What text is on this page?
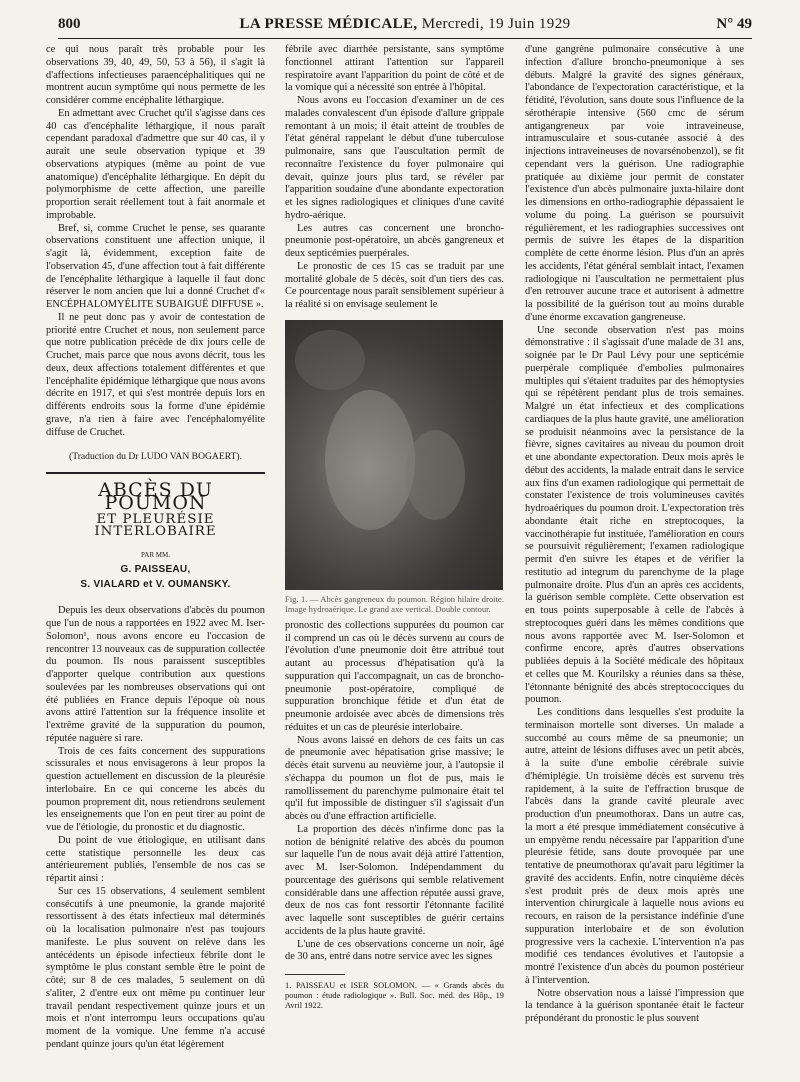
800	LA PRESSE MÉDICALE, Mercredi, 19 Juin 1929	N° 49

ce qui nous paraît très probable pour les observations 39, 40, 49, 50, 53 à 56), il s'agit là d'affections infectieuses paraencéphalitiques qui ne montrent aucun symptôme qui nous permette de les considérer comme encéphalite léthargique.

En admettant avec Cruchet qu'il s'agisse dans ces 40 cas d'encéphalite léthargique, il nous paraît cependant paradoxal d'admettre que sur 40 cas, il y aurait une seule observation typique et 39 observations atypiques (même au point de vue anatomique) d'encéphalite léthargique. En dépit du polymorphisme de cette affection, une pareille proportion serait réellement tout à fait anormale et improbable.

Bref, si, comme Cruchet le pense, ses quarante observations constituent une affection unique, il s'agit là, évidemment, exception faite de l'observation 45, d'une affection tout à fait différente de l'encéphalite léthargique à laquelle il faut donc réserver le nom ancien que lui a donné Cruchet d'« ENCÉPHALOMYÉLITE SUBAIGUË DIFFUSE ».

Il ne peut donc pas y avoir de contestation de priorité entre Cruchet et nous, non seulement parce que notre publication précède de dix jours celle de Cruchet, mais parce que nous avons décrit, tous les deux, deux affections totalement différentes et que l'encéphalite épidémique léthargique que nous avons décrite en 1917, et qui s'est montrée depuis lors en différents endroits sous la forme d'une épidémie grave, n'a rien à faire avec l'encéphalomyélite diffuse de Cruchet.

(Traduction du Dr LUDO VAN BOGAERT).

ABCÈS DU POUMON
ET PLEURÉSIE INTERLOBAIRE
PAR MM.
G. PAISSEAU,
S. VIALARD et V. OUMANSKY.

Depuis les deux observations d'abcès du poumon que l'un de nous a rapportées en 1922 avec M. Iser-Solomon¹, nous avons encore eu l'occasion de rencontrer 13 nouveaux cas de suppuration collectée du poumon. Ils nous paraissent susceptibles d'apporter quelque contribution aux questions soulevées par les nombreuses observations qui ont été publiées en France depuis l'époque où nous avons attiré l'attention sur la fréquence insolite et l'extrême gravité de la suppuration du poumon, réputée naguère si rare.

Trois de ces faits concernent des suppurations scissurales et nous envisagerons à leur propos la question actuellement en discussion de la pleurésie interlobaire. En ce qui concerne les abcès du poumon proprement dit, nous retiendrons seulement les enseignements que l'on en peut tirer au point de vue de l'étiologie, du pronostic et du diagnostic.

Du point de vue étiologique, en utilisant dans cette statistique personnelle les deux cas antérieurement publiés, l'ensemble de nos cas se répartit ainsi :

Sur ces 15 observations, 4 seulement semblent consécutifs à une pneumonie, la grande majorité ressortissent à des états infectieux mal déterminés où la localisation pulmonaire n'est pas toujours manifeste. Le plus souvent on relève dans les antécédents un épisode infectieux fébrile dont le symptôme le plus constant semble être le point de côté; sur 8 de ces malades, 5 seulement on dû s'aliter, 2 d'entre eux ont même pu continuer leur travail pendant respectivement quinze jours et un mois et n'ont interrompu leurs occupations qu'au moment de la vomique. Une femme n'a accusé pendant quinze jours qu'un état légèrement

fébrile avec diarrhée persistante, sans symptôme fonctionnel attirant l'attention sur l'appareil respiratoire avant l'apparition du point de côté et de la vomique qui a nécessité son entrée à l'hôpital.

Nous avons eu l'occasion d'examiner un de ces malades convalescent d'un épisode d'allure grippale remontant à un mois; il était atteint de troubles de l'état général rappelant le début d'une tuberculose pulmonaire, sans que l'auscultation permît de reconnaître l'existence du foyer pulmonaire qui devait, quinze jours plus tard, se révéler par l'apparition soudaine d'une abondante expectoration et les signes radiologiques et cliniques d'une cavité hydro-aérique.

Les autres cas concernent une broncho-pneumonie post-opératoire, un abcès gangreneux et deux septicémies puerpérales.

Le pronostic de ces 15 cas se traduit par une mortalité globale de 5 décès, soit d'un tiers des cas. Ce pourcentage nous paraît sensiblement supérieur à la réalité si on envisage seulement le

Fig. 1. — Abcès gangreneux du poumon. Région hilaire droite. Image hydroaérique. Le grand axe vertical. Double contour.

pronostic des collections suppurées du poumon car il comprend un cas où le décès survenu au cours de l'évolution d'une pneumonie doit être attribué tout autant au processus d'hépatisation qu'à la suppuration qui l'accompagnait, un cas de broncho-pneumonie post-opératoire, compliqué de suppuration bronchique fétide et d'un état de pneumonie ardoisée avec abcès de dimensions très réduites et un cas de pleurésie interlobaire.

Nous avons laissé en dehors de ces faits un cas de pneumonie avec hépatisation grise massive; le décès était survenu au neuvième jour, à l'autopsie il s'échappa du poumon un flot de pus, mais le ramollissement du parenchyme pulmonaire était tel qu'il fut impossible de distinguer s'il s'agissait d'un abcès ou d'une effraction artificielle.

La proportion des décès n'infirme donc pas la notion de bénignité relative des abcès du poumon sur laquelle l'un de nous avait déjà attiré l'attention, avec M. Iser-Solomon. Indépendamment du pourcentage des guérisons qui semble relativement considérable dans une affection réputée aussi grave, deux de nos cas font ressortir l'étonnante facilité avec laquelle sont susceptibles de guérir certains accidents de la plus haute gravité.

L'une de ces observations concerne un noir, âgé de 30 ans, entré dans notre service avec les signes

1. PAISSEAU et ISER SOLOMON. — « Grands abcès du poumon : étude radiologique ». Bull. Soc. méd. des Hôp., 19 Avril 1922.

d'une gangrène pulmonaire consécutive à une infection d'allure broncho-pneumonique à ses débuts. Malgré la gravité des signes généraux, l'abondance de l'expectoration caractéristique, et la fétidité, l'évolution, sans doute sous l'influence de la sérothérapie intensive (560 cmc de sérum antigangreneux par voie intraveineuse, intramusculaire et sous-cutanée associé à des injections intraveineuses de novarsénobenzol), se fit cependant vers la guérison. Une radiographie pratiquée au dixième jour permit de constater l'existence d'un abcès pulmonaire juxta-hilaire dont les dimensions en ortho-radiographie dépassaient le volume du poing. La guérison se poursuivit régulièrement, et les radiographies successives ont permis de suivre les étapes de la disparition complète de cette énorme lésion. Plus d'un an après les accidents, l'état général semblait intact, l'examen radiologique ni l'auscultation ne permettaient plus d'en retrouver aucune trace et autorisent à admettre la possibilité de la guérison tout au moins durable d'une énorme excavation gangreneuse.

Une seconde observation n'est pas moins démonstrative : il s'agissait d'une malade de 31 ans, soignée par le Dr Paul Lévy pour une septicémie puerpérale compliquée d'embolies pulmonaires multiples qui s'étaient traduites par des hémoptysies qui se répétèrent pendant plus de trois semaines. Malgré un état infectieux et des complications cardiaques de la plus haute gravité, une amélioration se produisit néanmoins avec la persistance de la fièvre, signes cavitaires au niveau du poumon droit et une abondante expectoration. Deux mois après le début des accidents, la malade entrait dans le service aux fins d'un examen radiologique qui permettait de constater l'existence de trois volumineuses cavités hydroaériques du poumon droit. L'expectoration très abondante était riche en streptocoques, la vaccinothérapie fut instituée, l'amélioration en cours se poursuivit régulièrement; l'examen radiologique permit d'en suivre les étapes et de vérifier la restitutio ad integrum du parenchyme de la plage pulmonaire droite. Plus d'un an après ces accidents, la guérison semble complète. Cette observation est en tous points superposable à celle de l'abcès à streptocoques guéri dans les mêmes conditions que nous avons rapportée avec M. Iser-Solomon et confirme encore, après d'autres observations publiées depuis à la Société médicale des hôpitaux et celles que M. Kourilsky a réunies dans sa thèse, l'étonnante bénignité des abcès streptococciques du poumon.

Les conditions dans lesquelles s'est produite la terminaison mortelle sont diverses. Un malade a succombé au cours même de sa pneumonie; un autre, atteint de lésions diffuses avec un petit abcès, à la suite d'une embolie cérébrale suivie d'hémiplégie. Un troisième décès est survenu très rapidement, à la suite de l'effraction brusque de l'abcès dans la grande cavité pleurale avec production d'un pneumothorax. Dans un autre cas, la mort a été presque immédiatement consécutive à un empyème rendu nécessaire par l'apparition d'une pleurésie fétide, sans doute provoquée par une tentative de pneumothorax qu'avait paru légitimer la gravité des accidents. Enfin, notre cinquième décès s'est produit près de deux mois après une intervention chirurgicale à laquelle nous avions eu recours, en raison de la persistance indéfinie d'une suppuration interlobaire et de son évolution progressive vers la cachexie. L'intervention n'a pas modifié ces tendances évolutives et l'autopsie a montré l'existence d'un abcès du poumon postérieur à l'intervention.

Notre observation nous a laissé l'impression que la tendance à la guérison spontanée était le facteur prépondérant du pronostic le plus souvent
